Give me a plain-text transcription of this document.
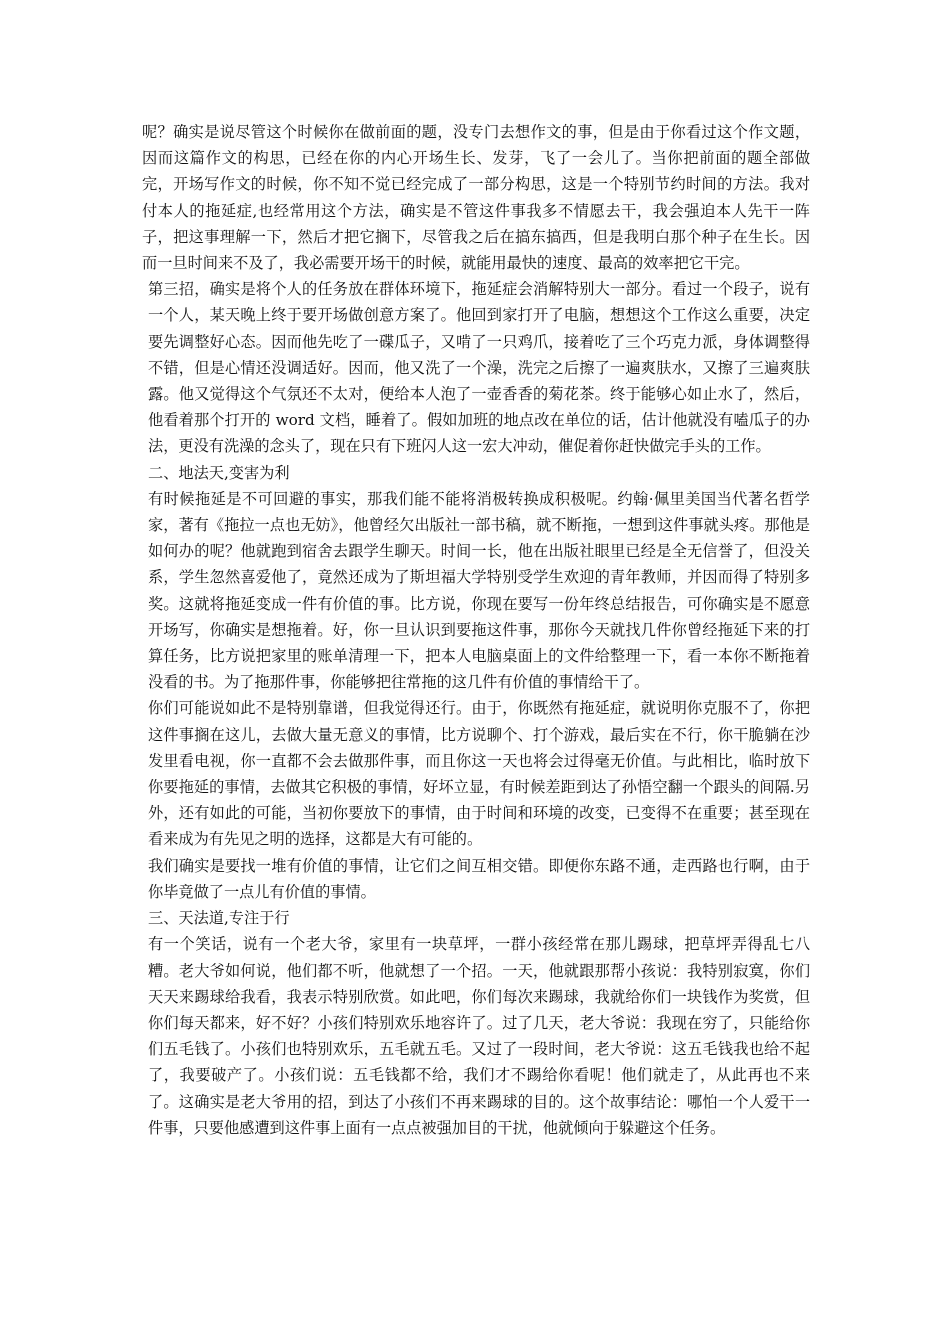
呢？确实是说尽管这个时候你在做前面的题，没专门去想作文的事，但是由于你看过这个作文题，因而这篇作文的构思，已经在你的内心开场生长、发芽，飞了一会儿了。当你把前面的题全部做完，开场写作文的时候，你不知不觉已经完成了一部分构思，这是一个特别节约时间的方法。我对付本人的拖延症,也经常用这个方法，确实是不管这件事我多不情愿去干，我会强迫本人先干一阵子，把这事理解一下，然后才把它搁下，尽管我之后在搞东搞西，但是我明白那个种子在生长。因而一旦时间来不及了，我必需要开场干的时候，就能用最快的速度、最高的效率把它干完。

第三招，确实是将个人的任务放在群体环境下，拖延症会消解特别大一部分。看过一个段子，说有一个人，某天晚上终于要开场做创意方案了。他回到家打开了电脑，想想这个工作这么重要，决定要先调整好心态。因而他先吃了一碟瓜子，又啃了一只鸡爪，接着吃了三个巧克力派，身体调整得不错，但是心情还没调适好。因而，他又洗了一个澡，洗完之后擦了一遍爽肤水，又擦了三遍爽肤露。他又觉得这个气氛还不太对，便给本人泡了一壶香香的菊花茶。终于能够心如止水了，然后，他看着那个打开的 word 文档，睡着了。假如加班的地点改在单位的话，估计他就没有嗑瓜子的办法，更没有洗澡的念头了，现在只有下班闪人这一宏大冲动，催促着你赶快做完手头的工作。

二、地法天,变害为利

有时候拖延是不可回避的事实，那我们能不能将消极转换成积极呢。约翰·佩里美国当代著名哲学家，著有《拖拉一点也无妨》，他曾经欠出版社一部书稿，就不断拖，一想到这件事就头疼。那他是如何办的呢？他就跑到宿舍去跟学生聊天。时间一长，他在出版社眼里已经是全无信誉了，但没关系，学生忽然喜爱他了，竟然还成为了斯坦福大学特别受学生欢迎的青年教师，并因而得了特别多奖。这就将拖延变成一件有价值的事。比方说，你现在要写一份年终总结报告，可你确实是不愿意开场写，你确实是想拖着。好，你一旦认识到要拖这件事，那你今天就找几件你曾经拖延下来的打算任务，比方说把家里的账单清理一下，把本人电脑桌面上的文件给整理一下，看一本你不断拖着没看的书。为了拖那件事，你能够把往常拖的这几件有价值的事情给干了。

你们可能说如此不是特别靠谱，但我觉得还行。由于，你既然有拖延症，就说明你克服不了，你把这件事搁在这儿，去做大量无意义的事情，比方说聊个、打个游戏，最后实在不行，你干脆躺在沙发里看电视，你一直都不会去做那件事，而且你这一天也将会过得毫无价值。与此相比，临时放下你要拖延的事情，去做其它积极的事情，好坏立显，有时候差距到达了孙悟空翻一个跟头的间隔.另外，还有如此的可能，当初你要放下的事情，由于时间和环境的改变，已变得不在重要；甚至现在看来成为有先见之明的选择，这都是大有可能的。

我们确实是要找一堆有价值的事情，让它们之间互相交错。即便你东路不通，走西路也行啊，由于你毕竟做了一点儿有价值的事情。

三、天法道,专注于行

有一个笑话，说有一个老大爷，家里有一块草坪，一群小孩经常在那儿踢球，把草坪弄得乱七八糟。老大爷如何说，他们都不听，他就想了一个招。一天，他就跟那帮小孩说：我特别寂寞，你们天天来踢球给我看，我表示特别欣赏。如此吧，你们每次来踢球，我就给你们一块钱作为奖赏，但你们每天都来，好不好？小孩们特别欢乐地容许了。过了几天，老大爷说：我现在穷了，只能给你们五毛钱了。小孩们也特别欢乐，五毛就五毛。又过了一段时间，老大爷说：这五毛钱我也给不起了，我要破产了。小孩们说：五毛钱都不给，我们才不踢给你看呢！他们就走了，从此再也不来了。这确实是老大爷用的招，到达了小孩们不再来踢球的目的。这个故事结论：哪怕一个人爱干一件事，只要他感遭到这件事上面有一点点被强加目的干扰，他就倾向于躲避这个任务。
